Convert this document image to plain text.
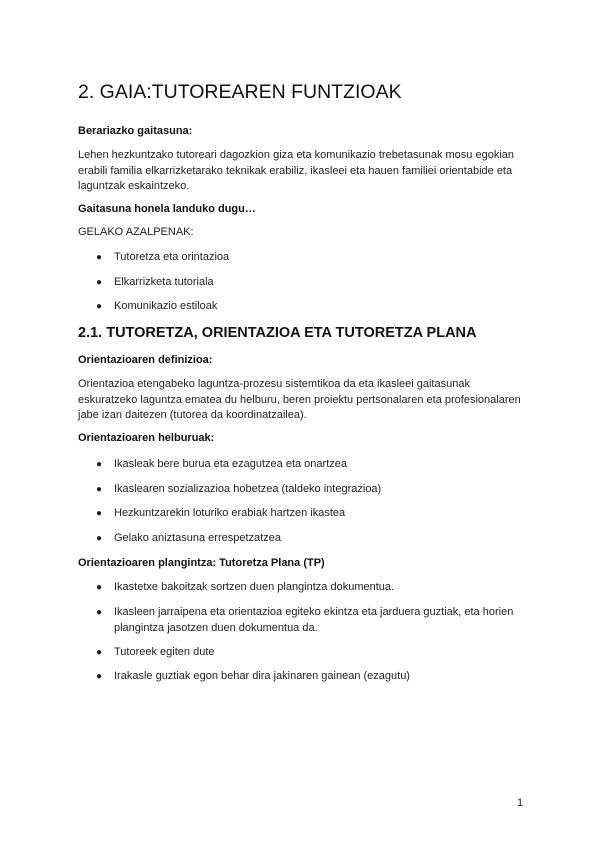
2. GAIA:TUTOREAREN FUNTZIOAK

Berariazko gaitasuna:

Lehen hezkuntzako tutoreari dagozkion giza eta komunikazio trebetasunak mosu egokian erabili familia elkarrizketarako teknikak erabiliz, ikasleei eta hauen familiei orientabide eta laguntzak eskaintzeko.

Gaitasuna honela landuko dugu…

GELAKO AZALPENAK:

● Tutoretza eta orintazioa
● Elkarrizketa tutoriala
● Komunikazio estiloak
2.1. TUTORETZA, ORIENTAZIOA ETA TUTORETZA PLANA

Orientazioaren definizioa:

Orientazioa etengabeko laguntza-prozesu sistemtikoa da eta ikasleei gaitasunak eskuratzeko laguntza ematea du helburu, beren proiektu pertsonalaren eta profesionalaren jabe izan daitezen (tutorea da koordinatzailea).

Orientazioaren helburuak:

● Ikasleak bere burua eta ezagutzea eta onartzea
● Ikaslearen sozializazioa hobetzea (taldeko integrazioa)
● Hezkuntzarekin loturiko erabiak hartzen ikastea
● Gelako aniztasuna errespetzatzea

Orientazioaren plangintza: Tutoretza Plana (TP)

● Ikastetxe bakoitzak sortzen duen plangintza dokumentua.
● Ikasleen jarraipena eta orientazioa egiteko ekintza eta jarduera guztiak, eta horien plangintza jasotzen duen dokumentua da.
● Tutoreek egiten dute
● Irakasle guztiak egon behar dira jakinaren gainean (ezagutu)
1
